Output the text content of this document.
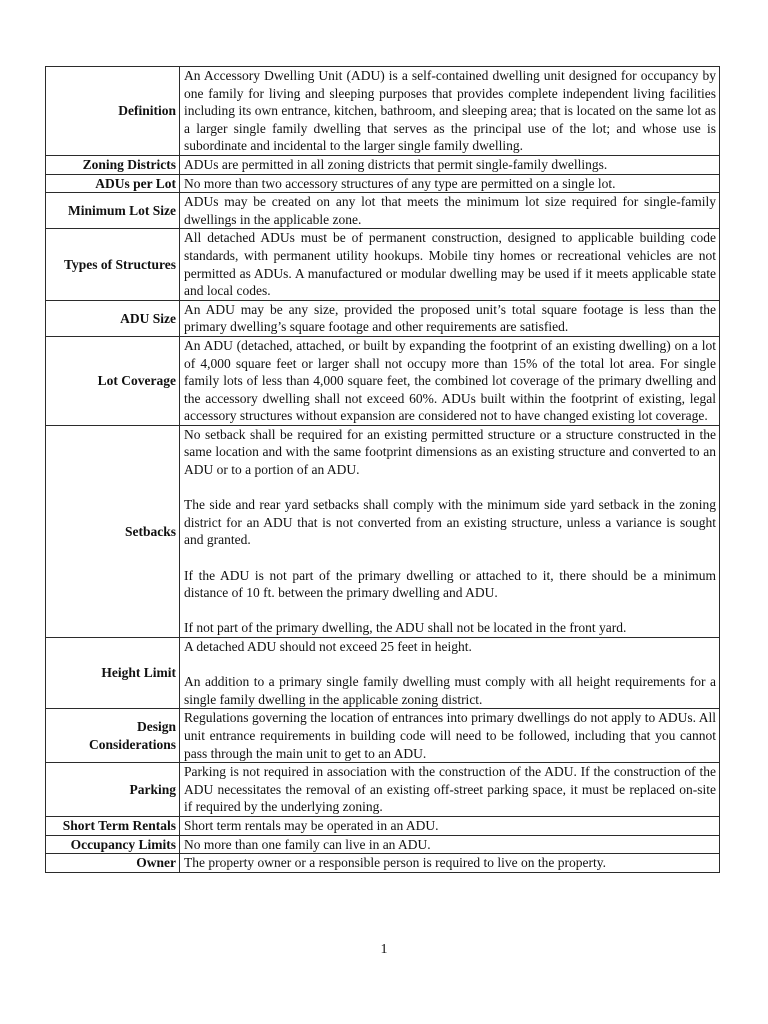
Definition	An Accessory Dwelling Unit (ADU) is a self-contained dwelling unit designed for occupancy by one family for living and sleeping purposes that provides complete independent living facilities including its own entrance, kitchen, bathroom, and sleeping area; that is located on the same lot as a larger single family dwelling that serves as the principal use of the lot; and whose use is subordinate and incidental to the larger single family dwelling.

Zoning Districts	ADUs are permitted in all zoning districts that permit single-family dwellings.

ADUs per Lot	No more than two accessory structures of any type are permitted on a single lot.

Minimum Lot Size	ADUs may be created on any lot that meets the minimum lot size required for single-family dwellings in the applicable zone.

Types of Structures	All detached ADUs must be of permanent construction, designed to applicable building code standards, with permanent utility hookups. Mobile tiny homes or recreational vehicles are not permitted as ADUs. A manufactured or modular dwelling may be used if it meets applicable state and local codes.

ADU Size	An ADU may be any size, provided the proposed unit’s total square footage is less than the primary dwelling’s square footage and other requirements are satisfied.

Lot Coverage	An ADU (detached, attached, or built by expanding the footprint of an existing dwelling) on a lot of 4,000 square feet or larger shall not occupy more than 15% of the total lot area. For single family lots of less than 4,000 square feet, the combined lot coverage of the primary dwelling and the accessory dwelling shall not exceed 60%. ADUs built within the footprint of existing, legal accessory structures without expansion are considered not to have changed existing lot coverage.

Setbacks	No setback shall be required for an existing permitted structure or a structure constructed in the same location and with the same footprint dimensions as an existing structure and converted to an ADU or to a portion of an ADU.

The side and rear yard setbacks shall comply with the minimum side yard setback in the zoning district for an ADU that is not converted from an existing structure, unless a variance is sought and granted.

If the ADU is not part of the primary dwelling or attached to it, there should be a minimum distance of 10 ft. between the primary dwelling and ADU.

If not part of the primary dwelling, the ADU shall not be located in the front yard.

Height Limit	A detached ADU should not exceed 25 feet in height.

An addition to a primary single family dwelling must comply with all height requirements for a single family dwelling in the applicable zoning district.

Design Considerations	Regulations governing the location of entrances into primary dwellings do not apply to ADUs. All unit entrance requirements in building code will need to be followed, including that you cannot pass through the main unit to get to an ADU.

Parking	Parking is not required in association with the construction of the ADU. If the construction of the ADU necessitates the removal of an existing off-street parking space, it must be replaced on-site if required by the underlying zoning.

Short Term Rentals	Short term rentals may be operated in an ADU.

Occupancy Limits	No more than one family can live in an ADU.

Owner	The property owner or a responsible person is required to live on the property.

1
